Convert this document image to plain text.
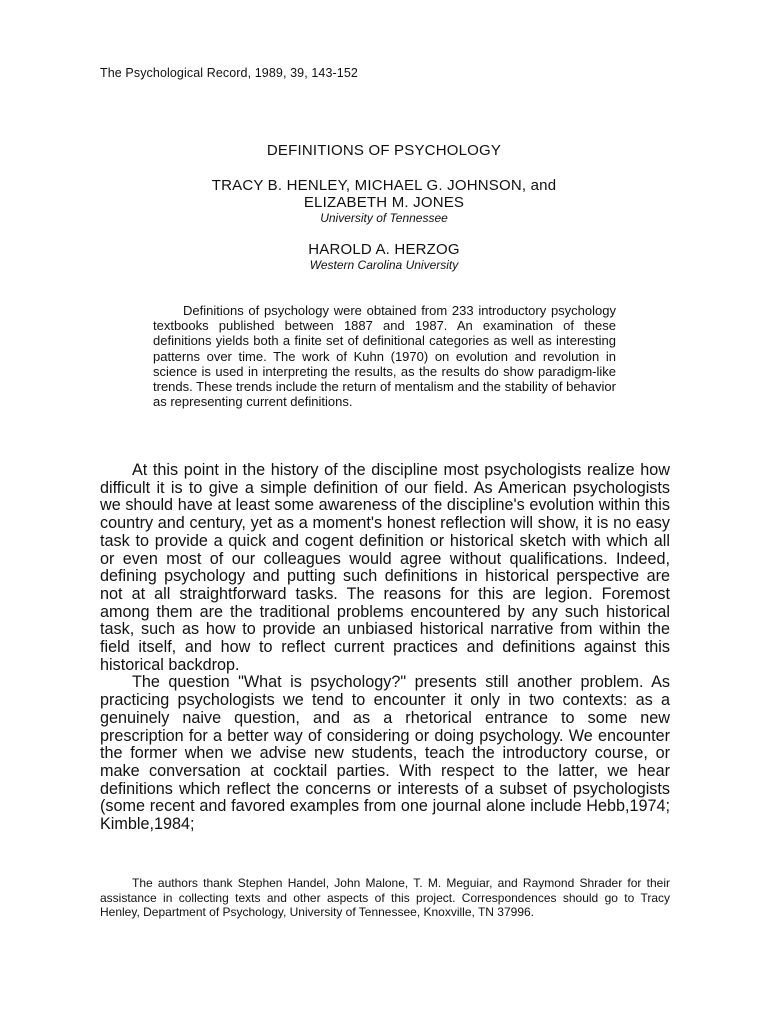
The Psychological Record, 1989, 39, 143-152
DEFINITIONS OF PSYCHOLOGY
TRACY B. HENLEY, MICHAEL G. JOHNSON, and
ELIZABETH M. JONES
University of Tennessee
HAROLD A. HERZOG
Western Carolina University
Definitions of psychology were obtained from 233 introductory psychology textbooks published between 1887 and 1987. An examination of these definitions yields both a finite set of definitional categories as well as interesting patterns over time. The work of Kuhn (1970) on evolution and revolution in science is used in interpreting the results, as the results do show paradigm-like trends. These trends include the return of mentalism and the stability of behavior as representing current definitions.

At this point in the history of the discipline most psychologists realize how difficult it is to give a simple definition of our field. As American psychologists we should have at least some awareness of the discipline's evolution within this country and century, yet as a moment's honest reflection will show, it is no easy task to provide a quick and cogent definition or historical sketch with which all or even most of our colleagues would agree without qualifications. Indeed, defining psychology and putting such definitions in historical perspective are not at all straightforward tasks. The reasons for this are legion. Foremost among them are the traditional problems encountered by any such historical task, such as how to provide an unbiased historical narrative from within the field itself, and how to reflect current practices and definitions against this historical backdrop.

The question "What is psychology?" presents still another problem. As practicing psychologists we tend to encounter it only in two contexts: as a genuinely naive question, and as a rhetorical entrance to some new prescription for a better way of considering or doing psychology. We encounter the former when we advise new students, teach the introductory course, or make conversation at cocktail parties. With respect to the latter, we hear definitions which reflect the concerns or interests of a subset of psychologists (some recent and favored examples from one journal alone include Hebb,1974; Kimble,1984;

The authors thank Stephen Handel, John Malone, T. M. Meguiar, and Raymond Shrader for their assistance in collecting texts and other aspects of this project. Correspondences should go to Tracy Henley, Department of Psychology, University of Tennessee, Knoxville, TN 37996.
